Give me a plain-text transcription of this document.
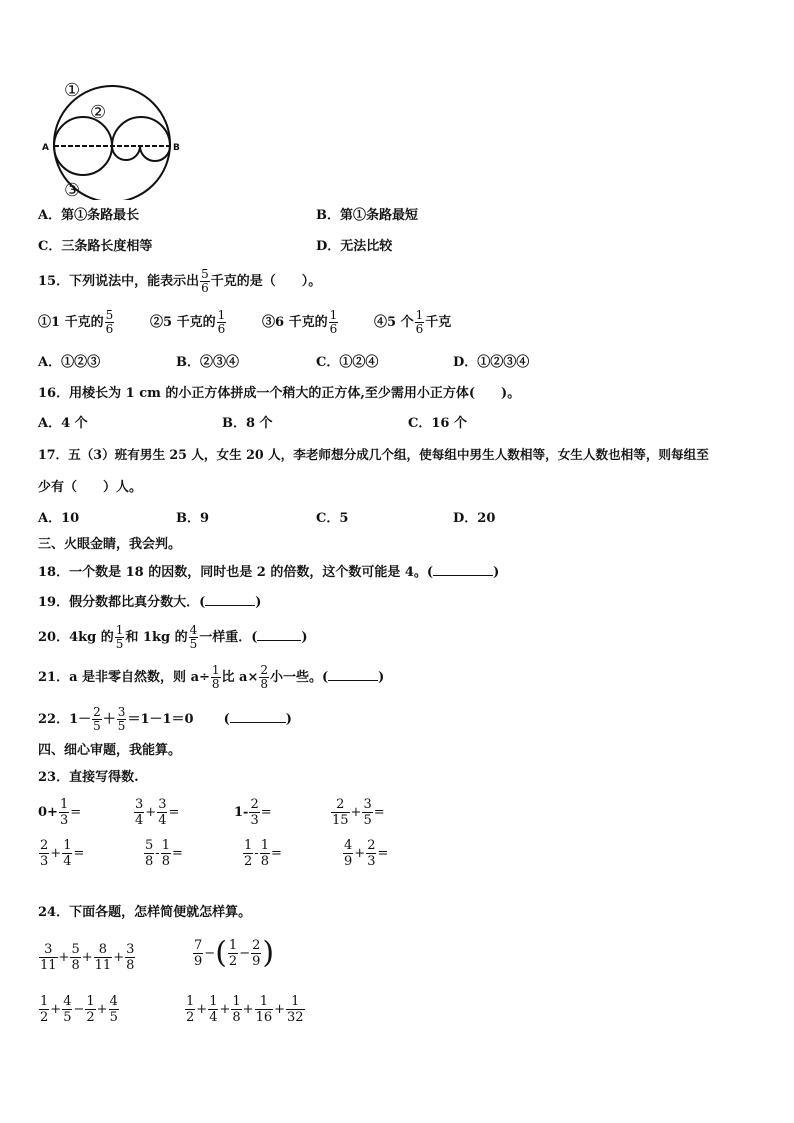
A	B
①
②
③
A．第①条路最长	B．第①条路最短
C．三条路长度相等	D．无法比较
15．下列说法中，能表示出 $\frac{5}{6}$ 千克的是（　　）。
①1 千克的 $\frac{5}{6}$	②5 千克的 $\frac{1}{6}$	③6 千克的 $\frac{1}{6}$	④5 个 $\frac{1}{6}$ 千克
A．①②③	B．②③④	C．①②④	D．①②③④
16．用棱长为 1 cm 的小正方体拼成一个稍大的正方体,至少需用小正方体(　　)。
A．4 个	B．8 个	C．16 个
17．五（3）班有男生 25 人，女生 20 人，李老师想分成几个组，使每组中男生人数相等，女生人数也相等，则每组至
少有（　　）人。
A．10	B．9	C．5	D．20
三、火眼金睛，我会判。
18．一个数是 18 的因数，同时也是 2 的倍数，这个数可能是 4。(	)
19．假分数都比真分数大．(	)
20．4kg 的 $\frac{1}{5}$ 和 1kg 的 $\frac{4}{5}$ 一样重．(	)
21．a 是非零自然数，则 $a\div \frac{1}{8}$ 比 $a\times \frac{2}{8}$ 小一些。(	)
22．$1- \frac{2}{5} + \frac{3}{5} =1-1=0$ (	)
四、细心审题，我能算。
23．直接写得数.
$0+ \frac{1}{3}$ =	$\frac{3}{4} + \frac{3}{4}$ =	$1- \frac{2}{3}$ =	$\frac{2}{15} + \frac{3}{5}$ =
$\frac{2}{3} + \frac{1}{4}$ =	$\frac{5}{8} - \frac{1}{8}$ =	$\frac{1}{2} - \frac{1}{8}$ =	$\frac{4}{9} + \frac{2}{3}$ =
24．下面各题，怎样简便就怎样算。
$\frac{3}{11} + \frac{5}{8} + \frac{8}{11} + \frac{3}{8}$	$\frac{7}{9}$ −( $\frac{1}{2} - \frac{2}{9}$ )
$\frac{1}{2} + \frac{4}{5} - \frac{1}{2} + \frac{4}{5}$	$\frac{1}{2} + \frac{1}{4} + \frac{1}{8} + \frac{1}{16} + \frac{1}{32}$
